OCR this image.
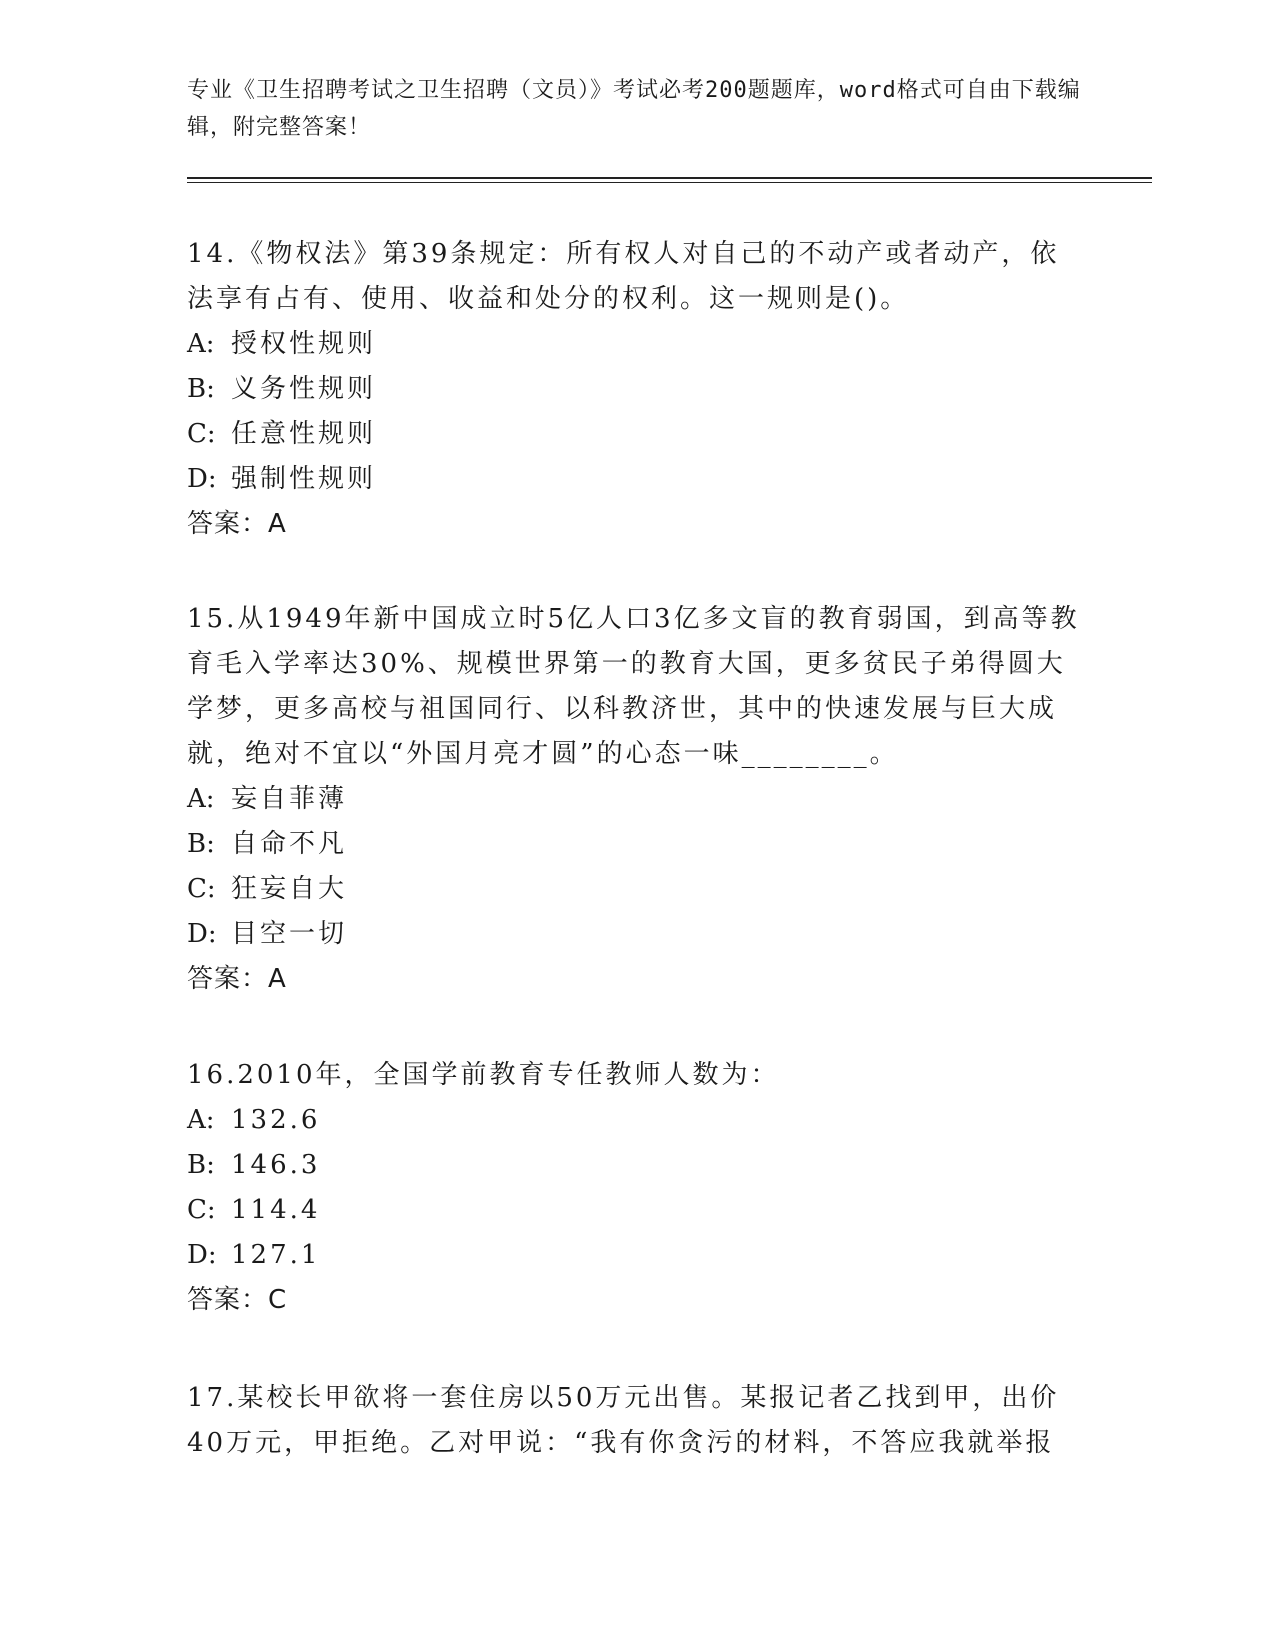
专业《卫生招聘考试之卫生招聘（文员）》考试必考200题题库，word格式可自由下载编辑，附完整答案！

14.《物权法》第39条规定：所有权人对自己的不动产或者动产，依法享有占有、使用、收益和处分的权利。这一规则是()。

A: 授权性规则

B: 义务性规则

C: 任意性规则

D: 强制性规则

答案：A

15.从1949年新中国成立时5亿人口3亿多文盲的教育弱国，到高等教育毛入学率达30%、规模世界第一的教育大国，更多贫民子弟得圆大学梦，更多高校与祖国同行、以科教济世，其中的快速发展与巨大成就，绝对不宜以“外国月亮才圆”的心态一味________。

A: 妄自菲薄

B: 自命不凡

C: 狂妄自大

D: 目空一切

答案：A

16.2010年，全国学前教育专任教师人数为：

A: 132.6

B: 146.3

C: 114.4

D: 127.1

答案：C

17.某校长甲欲将一套住房以50万元出售。某报记者乙找到甲，出价40万元，甲拒绝。乙对甲说：“我有你贪污的材料，不答应我就举报
